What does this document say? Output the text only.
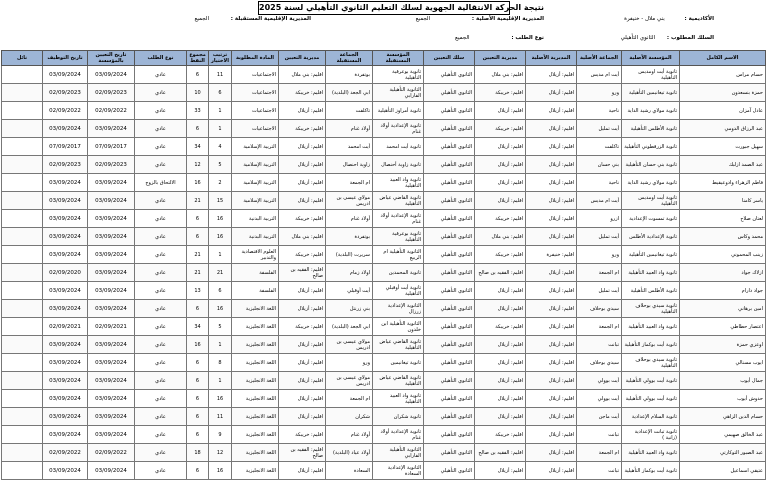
نتيجة الحركة الانتقالية الجهوية لسلك التعليم الثانوي التأهيلي لسنة 2025
الأكاديمية : بني ملال - خنيفرة
المديرية الإقليمية الأصلية : الجميع
المديرية الإقليمية المستقبلة : الجميع
السلك المطلوب : الثانوي التأهيلي
نوع الطلب : الجميع
الاسم الكامل	المؤسسة الأصلية	الجماعة الأصلية	المديرية الأصلية	مديرية التعيين	سلك التعيين	المؤسسة المستقبلة	الجماعة المستقبلة	مديرية التعيين	المادة المطلوبة	ترتيب الاختيار	مجموع النقط	نوع الطلب	تاريخ التعيين بالمؤسسة	تاريخ التوظيف	نائل
حسام مراس	ثانوية أيت اومديس التأهيلية	أيت ام مديس	اقليم: أزيلال	اقليم: بني ملال	الثانوي التأهيلي	ثانوية بوعرقية التأهيلية	بوتفردة	اقليم: بني ملال	الاجتماعيات	11	6	عادي	03/09/2024	03/09/2024	
حمزة بنسعدون	ثانوية تيغانيمين التأهيلية	ورو	اقليم: أزيلال	اقليم: خريبكة	الثانوي التأهيلي	الثانوية التأهيلية الفارابي	ابي الجعد (البلدية)	اقليم: خريبكة	الاجتماعيات	6	10	عادي	02/09/2023	02/09/2023	
عادل آمزان	ثانوية مولاي رشيد الداية	ناحية	اقليم: أزيلال	اقليم: أزيلال	الثانوي التأهيلي	ثانوية أمراوز التأهيلية	تاكلفت	اقليم: أزيلال	الاجتماعيات	1	33	عادي	02/09/2022	02/09/2022	
عبد الرزاق الدومي	ثانوية الأطلس التأهيلية	أيت تمليل	اقليم: أزيلال	اقليم: خريبكة	الثانوي التأهيلي	ثانوية الإعدادية أولاد غنام	أولاد غنام	اقليم: خريبكة	الاجتماعيات	1	6	عادي	03/09/2024	03/09/2024	
سهيل جبورت	ثانوية الزرقطوني التأهيلية	تاكلفت	اقليم: أزيلال	اقليم: أزيلال	الثانوي التأهيلي	ثانوية أيت امحمد	أيت امحمد	اقليم: أزيلال	التربية الإسلامية	4	34	عادي	07/09/2017	07/09/2017	
عبد الصمد ازلبك	ثانوية بني حسان التأهيلية	بني حسان	اقليم: أزيلال	اقليم: أزيلال	الثانوي التأهيلي	ثانوية زاوية أحنصال	زاوية احنصال	اقليم: أزيلال	التربية الإسلامية	5	12	عادي	02/09/2023	02/09/2023	
فاطم الزهراء وادوعيقيط	ثانوية مولاي رشيد الداية	ناحية	اقليم: أزيلال	اقليم: أزيلال	الثانوي التأهيلي	ثانوية واد العبيد التأهيلية	ام الجمعة	اقليم: أزيلال	التربية الإسلامية	2	16	الالتحاق بالزوج	03/09/2024	03/09/2024	
ياسر كامنا	ثانوية أيت اومديس التأهيلية	أيت ام مديس	اقليم: أزيلال	اقليم: أزيلال	الثانوي التأهيلي	ثانوية القاضي عياض التأهيلية	مولاي عيسى بن ادريس	اقليم: أزيلال	التربية الإسلامية	15	21	عادي	03/09/2024	03/09/2024	
لعتان صلاح	ثانوية تمسوت الإعدادية	ازرو	اقليم: أزيلال	اقليم: خريبكة	الثانوي التأهيلي	ثانوية الإعدادية أولاد غنام	أولاد غنام	اقليم: خريبكة	التربية البدنية	16	6	عادي	03/09/2024	03/09/2024	
محمد وكاس	ثانوية الإعدادية الأطلس	أيت تمليل	اقليم: أزيلال	اقليم: بني ملال	الثانوي التأهيلي	ثانوية بوعرقية التأهيلية	بوتفردة	اقليم: بني ملال	التربية البدنية	16	6	عادي	03/09/2024	03/09/2024	
زينب المحموني	ثانوية تيغانيمين التأهيلية	ورو	اقليم: خنيفرة	اقليم: خريبكة	الثانوي التأهيلي	الثانوية التأهيلية ام الربيع	سريرت (البلدية)	اقليم: خريبكة	العلوم الاقتصادية والتدبير	1	21	عادي	03/09/2024	03/09/2024	
ازلاك جواد	ثانوية واد العبيد التأهيلية	ام الجمعة	اقليم: أزيلال	اقليم: الفقيه بن صالح	الثانوي التأهيلي	ثانوية المحمدين	اولاد زمام	اقليم: الفقيه بن صالح	الفلسفة	21	21	عادي	03/09/2024	02/09/2020	
جواد دارام	ثانوية الأطلس التأهيلية	أيت تمليل	اقليم: أزيلال	اقليم: أزيلال	الثانوي التأهيلي	ثانوية أيت أوقبلي التأهيلية	أيت أوقبلي	اقليم: أزيلال	الفلسفة	6	13	عادي	03/09/2024	03/09/2024	
امين برهاني	ثانوية سيدي بوحلاف التأهيلية	سيدي بوحلاف	اقليم: أزيلال	اقليم: أزيلال	الثانوي التأهيلي	الثانوية الإعدادية زرزال	بني زرنتل	اقليم: أزيلال	اللغة الانجليزية	16	6	عادي	03/09/2024	03/09/2024	
اعتصار حطاطي	ثانوية واد العبيد التأهيلية	ام الجمعة	اقليم: أزيلال	اقليم: خريبكة	الثانوي التأهيلي	الثانوية التأهيلية ابن خلدون	ابي الجعد (البلدية)	اقليم: خريبكة	اللغة الانجليزية	5	34	عادي	02/09/2021	02/09/2021	
اوعزي حمزة	ثانوية أيت بوكماز التأهيلية	تبانت	اقليم: أزيلال	اقليم: أزيلال	الثانوي التأهيلي	ثانوية القاضي عياض التأهيلية	مولاي عيسى بن ادريس	اقليم: أزيلال	اللغة الانجليزية	1	16	عادي	03/09/2024	03/09/2024	
ايوب مسنالي	ثانوية سيدي بوحلاف التأهيلية	سيدي بوحلاف	اقليم: أزيلال	اقليم: أزيلال	الثانوي التأهيلي	ثانوية تيغانيمين	ورو	اقليم: أزيلال	اللغة الانجليزية	8	6	عادي	03/09/2024	03/09/2024	
جمال أيوب	ثانوية أيت بوولي التأهيلية	أيت بوولي	اقليم: أزيلال	اقليم: أزيلال	الثانوي التأهيلي	ثانوية القاضي عياض التأهيلية	مولاي عيسى بن ادريس	اقليم: أزيلال	اللغة الانجليزية	1	6	عادي	03/09/2024	03/09/2024	
حدوش أيوب	ثانوية أيت بوولي التأهيلية	أيت بوولي	اقليم: أزيلال	اقليم: أزيلال	الثانوي التأهيلي	ثانوية واد العبيد التأهيلية	ام الجمعة	اقليم: أزيلال	اللغة الانجليزية	16	6	عادي	03/09/2024	03/09/2024	
حسام الدين الزاهي	ثانوية السلام الإعدادية	أيت ماجن	اقليم: أزيلال	اقليم: أزيلال	الثانوي التأهيلي	ثانوية شكران	شكران	اقليم: أزيلال	اللغة الانجليزية	11	6	عادي	03/09/2024	03/09/2024	
عبد الخالق صهيمي	ثانوية تبانت الإعدادية (زانية )	تبانت	اقليم: أزيلال	اقليم: خريبكة	الثانوي التأهيلي	ثانوية الإعدادية أولاد غنام	أولاد غنام	اقليم: خريبكة	اللغة الانجليزية	9	6	عادي	03/09/2024	03/09/2024	
عبد الصبور التوكارتي	ثانوية واد العبيد التأهيلية	ام الجمعة	اقليم: أزيلال	اقليم: الفقيه بن صالح	الثانوي التأهيلي	الثانوية التأهيلية الفارابي	أولاد عياد (البلدية)	اقليم: الفقيه بن صالح	اللغة الانجليزية	12	18	عادي	02/09/2022	02/09/2022	
عتيقي اسماعيل	ثانوية أيت بوكماز التأهيلية	تبانت	اقليم: أزيلال	اقليم: أزيلال	الثانوي التأهيلي	الثانوية الإعدادية السعادة	السعادة	اقليم: أزيلال	اللغة الانجليزية	16	6	عادي	03/09/2024	03/09/2024	
